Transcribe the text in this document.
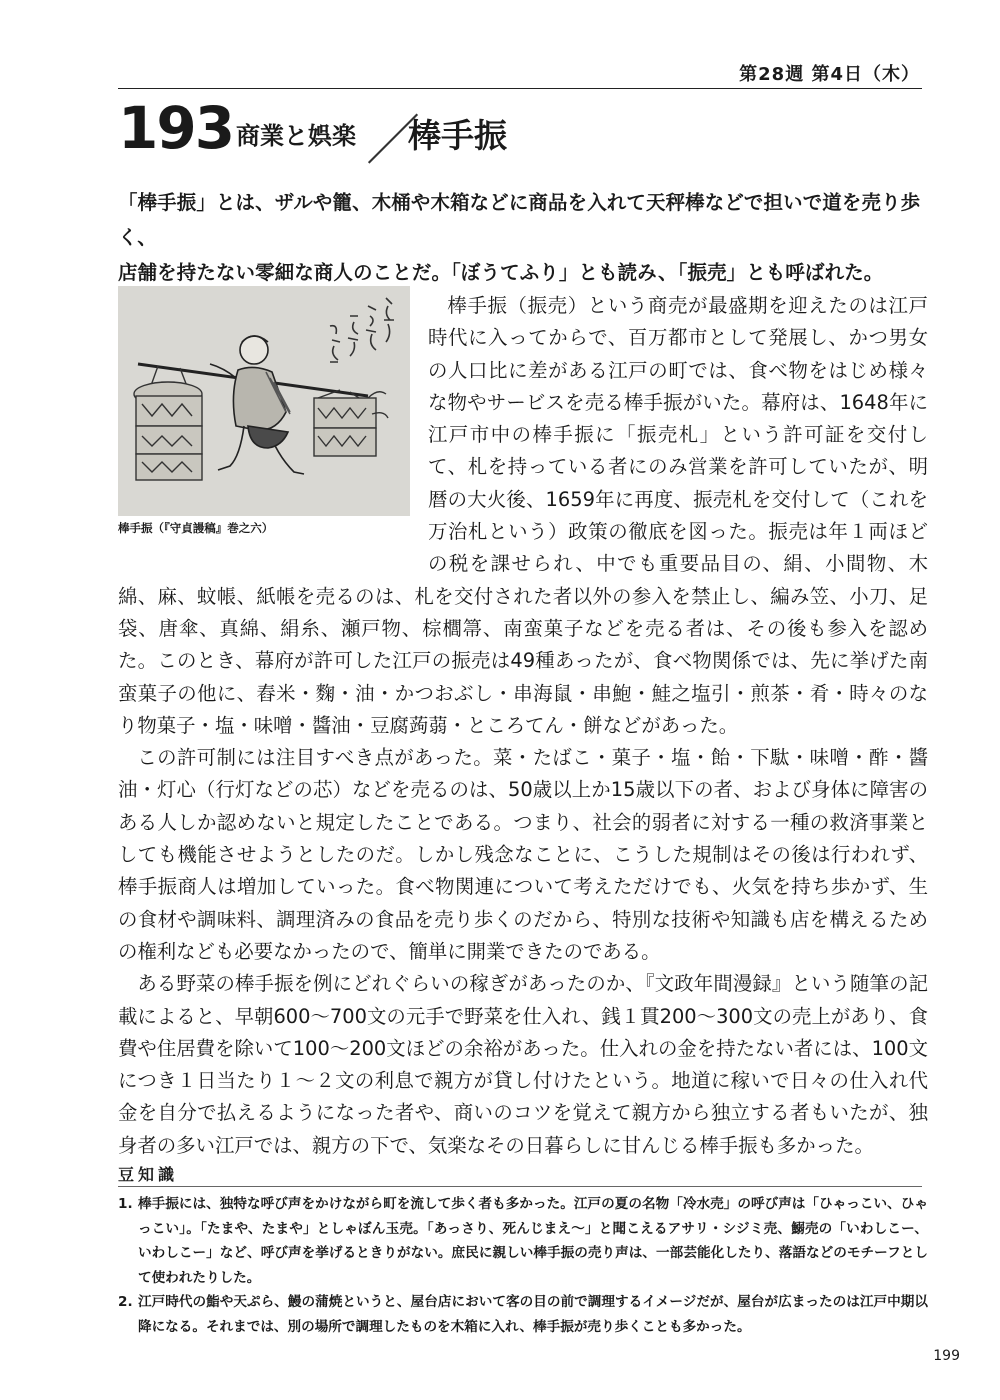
第28週 第4日（木）
193 商業と娯楽 ／
棒手振

「棒手振」とは、ザルや籠、木桶や木箱などに商品を入れて天秤棒などで担いで道を売り歩く、

店舗を持たない零細な商人のことだ。「ぼうてふり」とも読み、「振売」とも呼ばれた。

棒手振（振売）という商売が最盛期を迎えたのは江戸時代に入ってからで、百万都市として発展し、かつ男女の人口比に差がある江戸の町では、食べ物をはじめ様々な物やサービスを売る棒手振がいた。幕府は、1648年に江戸市中の棒手振に「振売札」という許可証を交付して、札を持っている者にのみ営業を許可していたが、明暦の大火後、1659年に再度、振売札を交付して（これを万治札という）政策の徹底を図った。振売は年１両ほどの税を課せられ、中でも重要品目の、絹、小間物、木綿、麻、蚊帳、紙帳を売るのは、札を交付された者以外の参入を禁止し、編み笠、小刀、足袋、唐傘、真綿、絹糸、瀬戸物、棕櫚箒、南蛮菓子などを売る者は、その後も参入を認めた。このとき、幕府が許可した江戸の振売は49種あったが、食べ物関係では、先に挙げた南蛮菓子の他に、舂米・麴・油・かつおぶし・串海鼠・串鮑・鮭之塩引・煎茶・肴・時々のなり物菓子・塩・味噌・醬油・豆腐蒟蒻・ところてん・餅などがあった。

この許可制には注目すべき点があった。菜・たばこ・菓子・塩・飴・下駄・味噌・酢・醬油・灯心（行灯などの芯）などを売るのは、50歳以上か15歳以下の者、および身体に障害のある人しか認めないと規定したことである。つまり、社会的弱者に対する一種の救済事業としても機能させようとしたのだ。しかし残念なことに、こうした規制はその後は行われず、棒手振商人は増加していった。食べ物関連について考えただけでも、火気を持ち歩かず、生の食材や調味料、調理済みの食品を売り歩くのだから、特別な技術や知識も店を構えるための権利なども必要なかったので、簡単に開業できたのである。

ある野菜の棒手振を例にどれぐらいの稼ぎがあったのか、『文政年間漫録』という随筆の記載によると、早朝600〜700文の元手で野菜を仕入れ、銭１貫200〜300文の売上があり、食費や住居費を除いて100〜200文ほどの余裕があった。仕入れの金を持たない者には、100文につき１日当たり１〜２文の利息で親方が貸し付けたという。地道に稼いで日々の仕入れ代金を自分で払えるようになった者や、商いのコツを覚えて親方から独立する者もいたが、独身者の多い江戸では、親方の下で、気楽なその日暮らしに甘んじる棒手振も多かった。

棒手振（『守貞謾稿』巻之六）
豆知識
1. 棒手振には、独特な呼び声をかけながら町を流して歩く者も多かった。江戸の夏の名物「冷水売」の呼び声は「ひゃっこい、ひゃっこい」。「たまや、たまや」としゃぼん玉売。「あっさり、死んじまえ〜」と聞こえるアサリ・シジミ売、鰯売の「いわしこー、いわしこー」など、呼び声を挙げるときりがない。庶民に親しい棒手振の売り声は、一部芸能化したり、落語などのモチーフとして使われたりした。
2. 江戸時代の鮨や天ぷら、鰻の蒲焼というと、屋台店において客の目の前で調理するイメージだが、屋台が広まったのは江戸中期以降になる。それまでは、別の場所で調理したものを木箱に入れ、棒手振が売り歩くことも多かった。
199
